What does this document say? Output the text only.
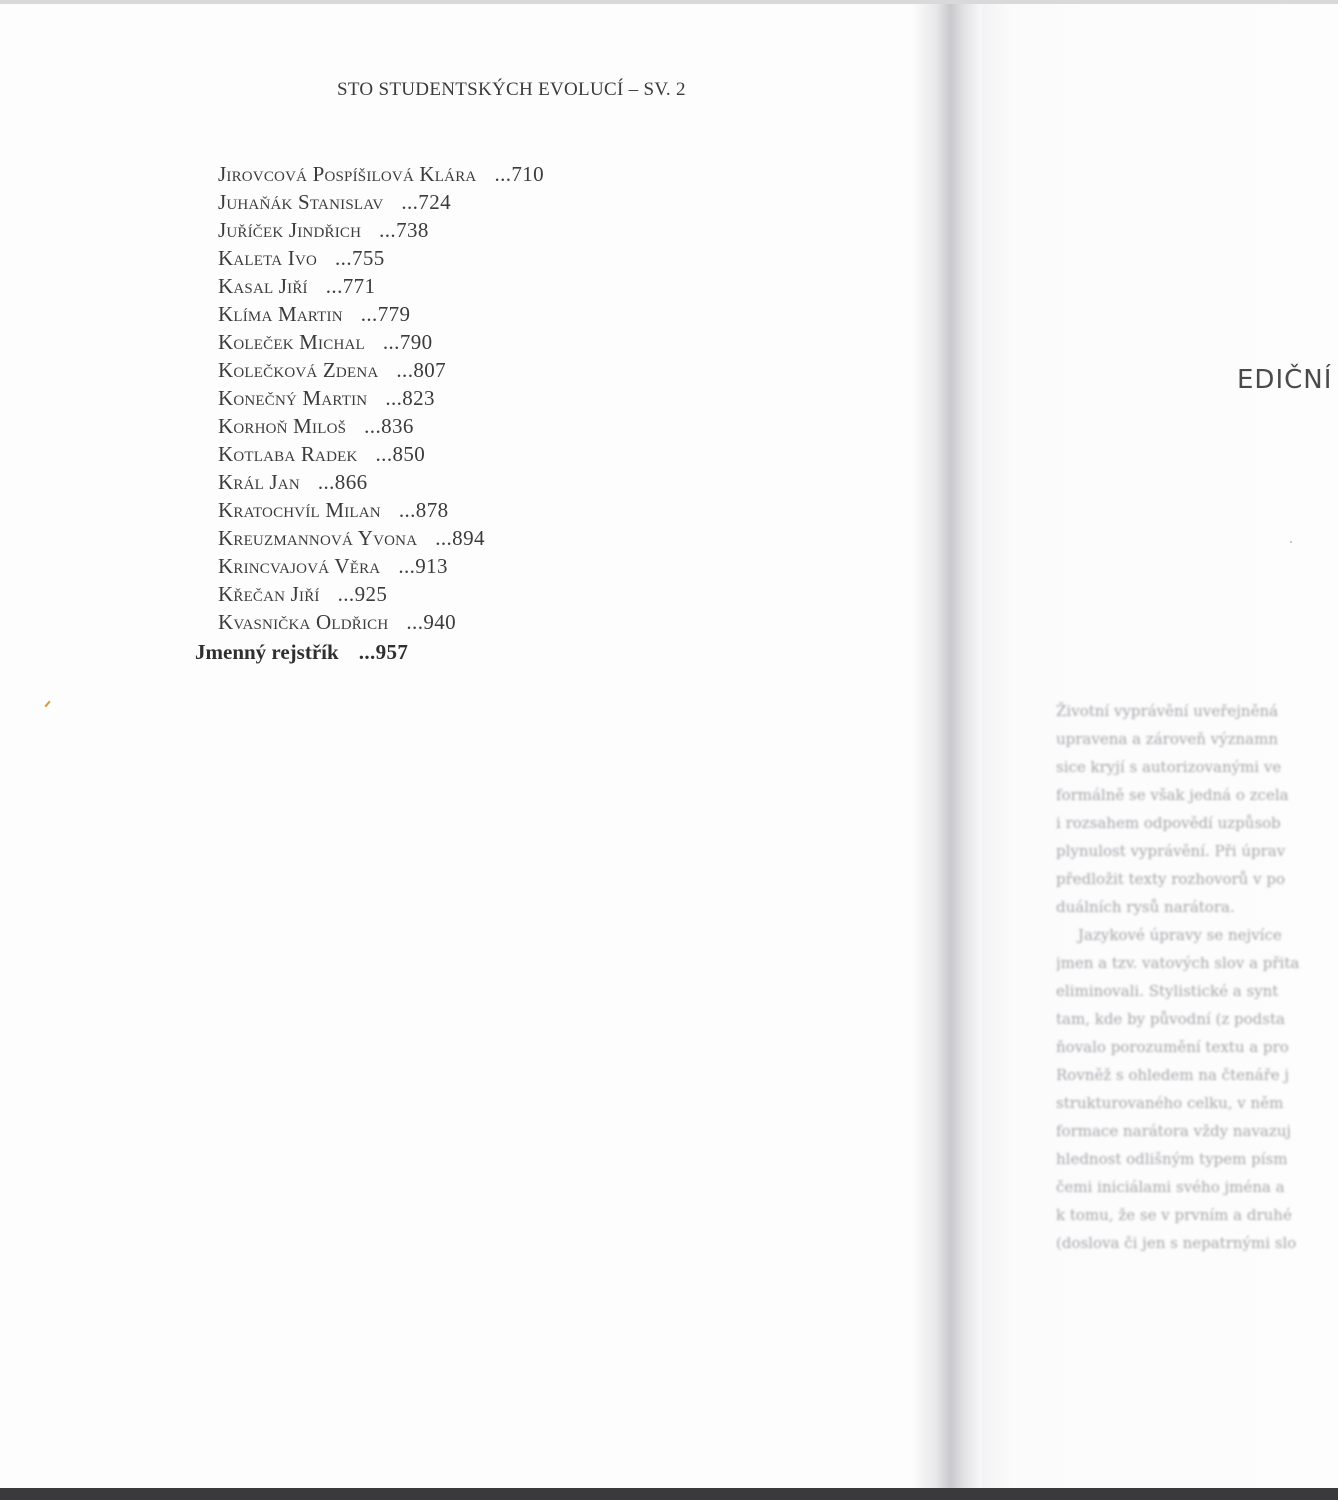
STO STUDENTSKÝCH EVOLUCÍ – SV. 2
Jirovcová Pospíšilová Klára ...710
Juhaňák Stanislav ...724
Juříček Jindřich ...738
Kaleta Ivo ...755
Kasal Jiří ...771
Klíma Martin ...779
Koleček Michal ...790
Kolečková Zdena ...807
Konečný Martin ...823
Korhoň Miloš ...836
Kotlaba Radek ...850
Král Jan ...866
Kratochvíl Milan ...878
Kreuzmannová Yvona ...894
Krincvajová Věra ...913
Křečan Jiří ...925
Kvasnička Oldřich ...940
Jmenný rejstřík ...957
EDIČNÍ
Životní vyprávění uveřejněná
upravena a zároveň významn
sice kryjí s autorizovanými ve
formálně se však jedná o zcela
i rozsahem odpovědí uzpůsob
plynulost vyprávění. Při úprav
předložit texty rozhovorů v po
duálních rysů narátora.
Jazykové úpravy se nejvíce
jmen a tzv. vatových slov a přita
eliminovali. Stylistické a synt
tam, kde by původní (z podsta
ňovalo porozumění textu a pro
Rovněž s ohledem na čtenáře j
strukturovaného celku, v něm
formace narátora vždy navazuj
hlednost odlišným typem písm
čemi iniciálami svého jména a
k tomu, že se v prvním a druhé
(doslova či jen s nepatrnými slo
